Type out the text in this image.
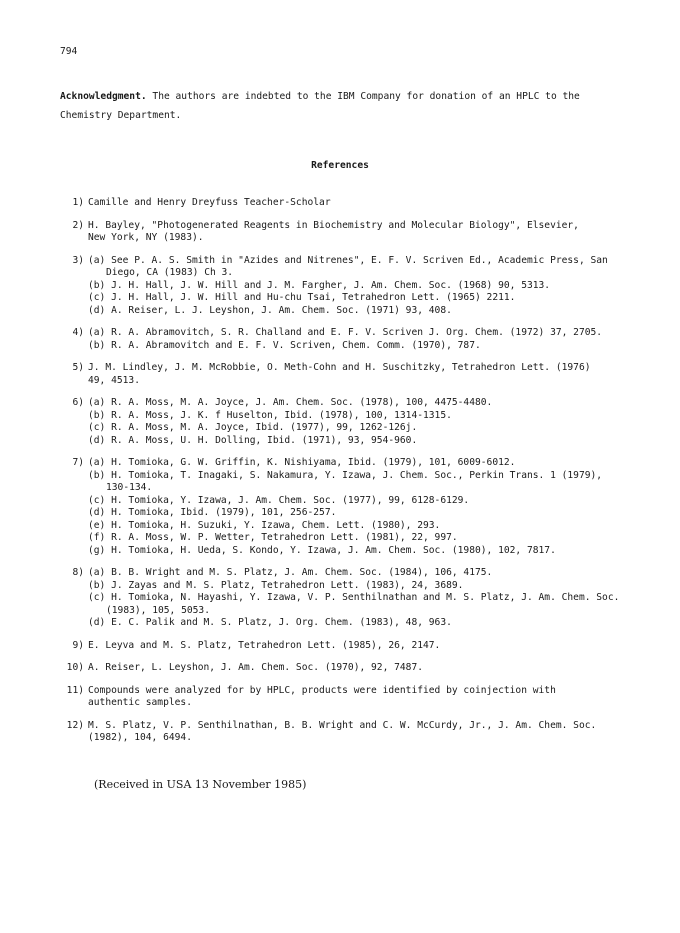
794
Acknowledgment. The authors are indebted to the IBM Company for donation of an HPLC to the Chemistry Department.
References
1) Camille and Henry Dreyfuss Teacher-Scholar
2) H. Bayley, "Photogenerated Reagents in Biochemistry and Molecular Biology", Elsevier,
New York, NY (1983).
3) (a) See P. A. S. Smith in "Azides and Nitrenes", E. F. V. Scriven Ed., Academic Press, San Diego, CA (1983) Ch 3.
(b) J. H. Hall, J. W. Hill and J. M. Fargher, J. Am. Chem. Soc. (1968) 90, 5313.
(c) J. H. Hall, J. W. Hill and Hu-chu Tsai, Tetrahedron Lett. (1965) 2211.
(d) A. Reiser, L. J. Leyshon, J. Am. Chem. Soc. (1971) 93, 408.
4) (a) R. A. Abramovitch, S. R. Challand and E. F. V. Scriven J. Org. Chem. (1972) 37, 2705.
(b) R. A. Abramovitch and E. F. V. Scriven, Chem. Comm. (1970), 787.
5) J. M. Lindley, J. M. McRobbie, O. Meth-Cohn and H. Suschitzky, Tetrahedron Lett. (1976)
49, 4513.
6) (a) R. A. Moss, M. A. Joyce, J. Am. Chem. Soc. (1978), 100, 4475-4480.
(b) R. A. Moss, J. K. f Huselton, Ibid. (1978), 100, 1314-1315.
(c) R. A. Moss, M. A. Joyce, Ibid. (1977), 99, 1262-126j.
(d) R. A. Moss, U. H. Dolling, Ibid. (1971), 93, 954-960.
7) (a) H. Tomioka, G. W. Griffin, K. Nishiyama, Ibid. (1979), 101, 6009-6012.
(b) H. Tomioka, T. Inagaki, S. Nakamura, Y. Izawa, J. Chem. Soc., Perkin Trans. 1 (1979), 130-134.
(c) H. Tomioka, Y. Izawa, J. Am. Chem. Soc. (1977), 99, 6128-6129.
(d) H. Tomioka, Ibid. (1979), 101, 256-257.
(e) H. Tomioka, H. Suzuki, Y. Izawa, Chem. Lett. (1980), 293.
(f) R. A. Moss, W. P. Wetter, Tetrahedron Lett. (1981), 22, 997.
(g) H. Tomioka, H. Ueda, S. Kondo, Y. Izawa, J. Am. Chem. Soc. (1980), 102, 7817.
8) (a) B. B. Wright and M. S. Platz, J. Am. Chem. Soc. (1984), 106, 4175.
(b) J. Zayas and M. S. Platz, Tetrahedron Lett. (1983), 24, 3689.
(c) H. Tomioka, N. Hayashi, Y. Izawa, V. P. Senthilnathan and M. S. Platz, J. Am. Chem. Soc. (1983), 105, 5053.
(d) E. C. Palik and M. S. Platz, J. Org. Chem. (1983), 48, 963.
9) E. Leyva and M. S. Platz, Tetrahedron Lett. (1985), 26, 2147.
10) A. Reiser, L. Leyshon, J. Am. Chem. Soc. (1970), 92, 7487.
11) Compounds were analyzed for by HPLC, products were identified by coinjection with
authentic samples.
12) M. S. Platz, V. P. Senthilnathan, B. B. Wright and C. W. McCurdy, Jr., J. Am. Chem. Soc.
(1982), 104, 6494.
(Received in USA 13 November 1985)
